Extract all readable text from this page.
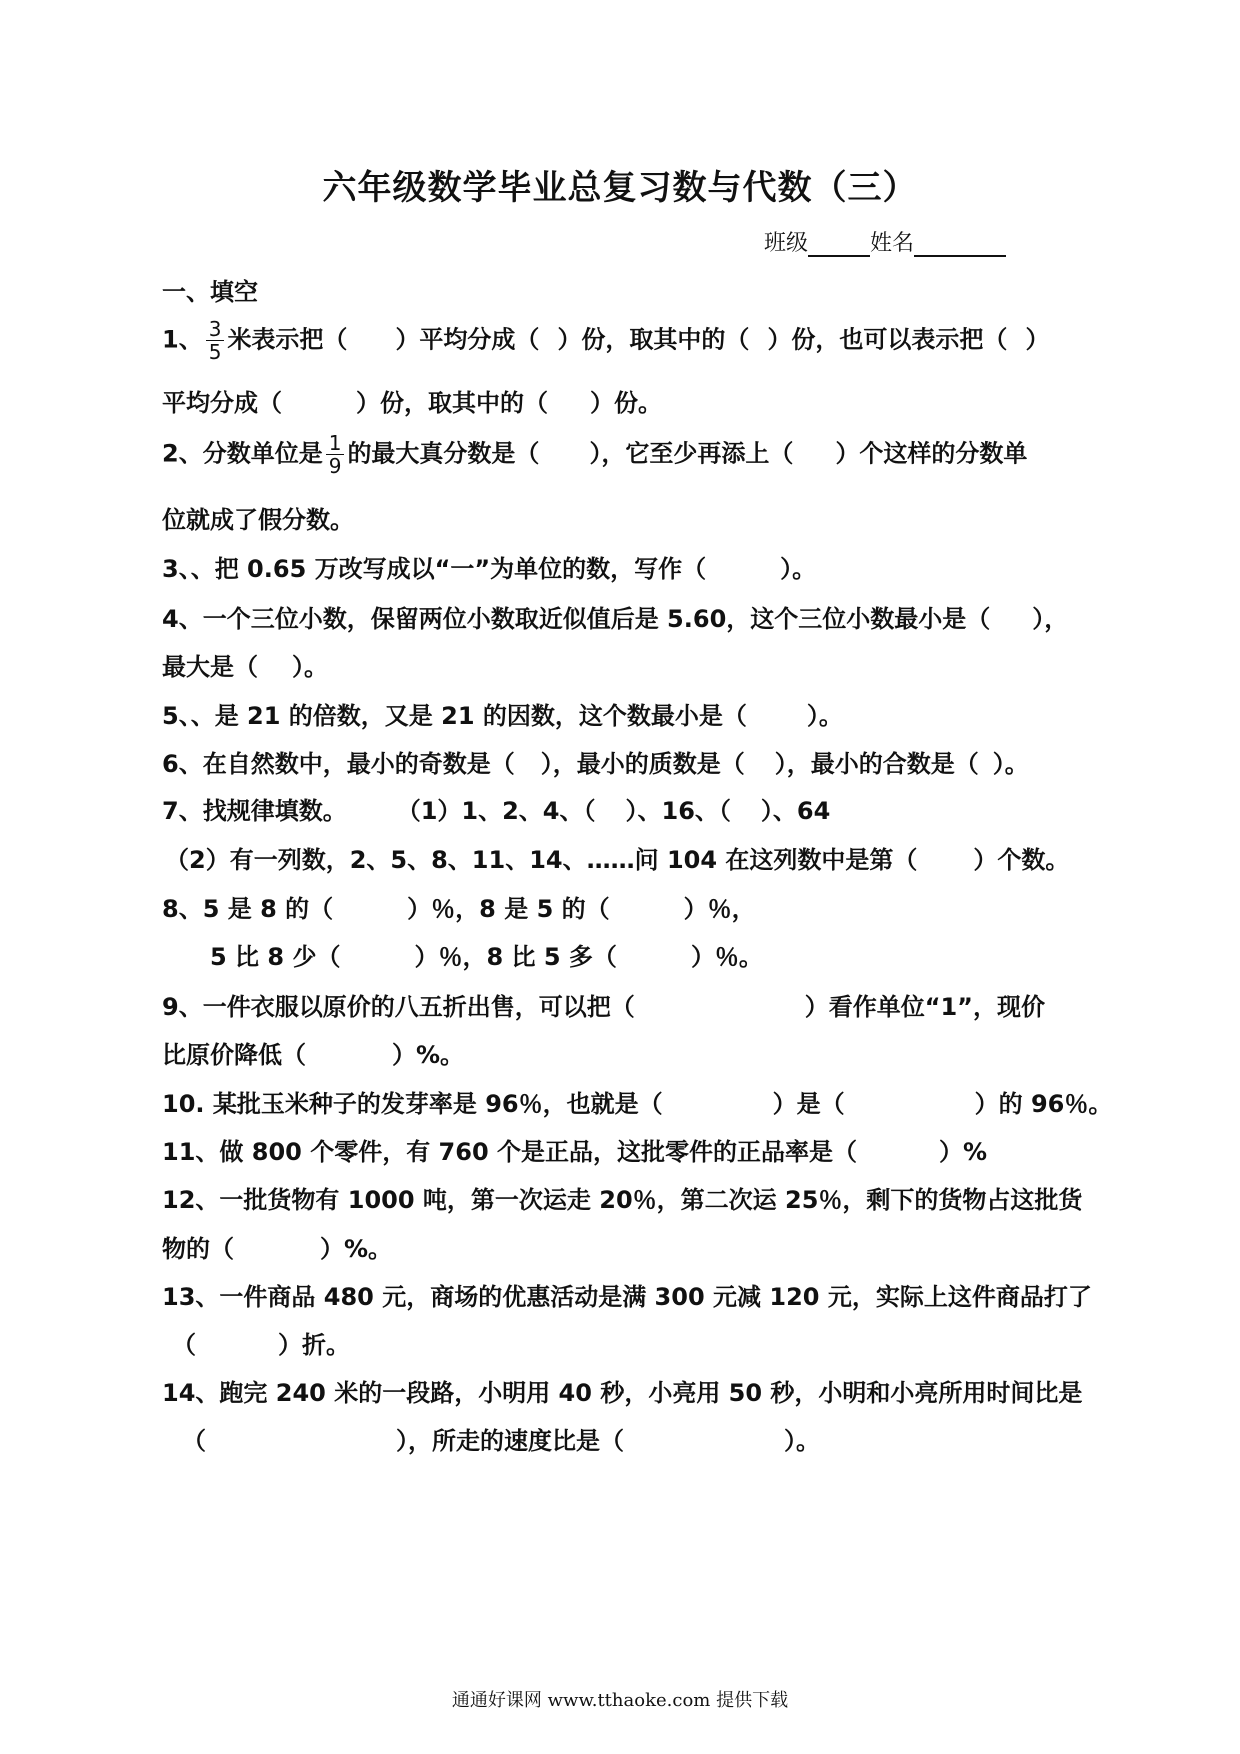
六年级数学毕业总复习数与代数（三）
班级	姓名
一、填空
1、 $\frac{3}{5}$ 米表示把（ ）平均分成（ ）份，取其中的（ ）份，也可以表示把（ ）
平均分成（	）份，取其中的（ ）份。
2、分数单位是 $\frac{1}{9}$ 的最大真分数是（ ），它至少再添上（ ）个这样的分数单
位就成了假分数。
3、、把 0.65 万改写成以“一”为单位的数，写作（	）。
4、一个三位小数，保留两位小数取近似值后是 5.60，这个三位小数最小是（ ），
最大是（ ）。
5、、是 21 的倍数，又是 21 的因数，这个数最小是（	）。
6、在自然数中，最小的奇数是（ ），最小的质数是（ ），最小的合数是（ ）。
7、找规律填数。 （1）1、2、4、（ ）、16、（ ）、64
（2）有一列数，2、5、8、11、14、……问 104 在这列数中是第（ ）个数。
8、5 是 8 的（	）％，8 是 5 的（	）％，
5 比 8 少（	）％，8 比 5 多（	）％。
9、一件衣服以原价的八五折出售，可以把（	）看作单位“1”，现价
比原价降低（	）%。
10. 某批玉米种子的发芽率是 96％，也就是（	）是（	）的 96％。
11、做 800 个零件，有 760 个是正品，这批零件的正品率是（	）%
12、一批货物有 1000 吨，第一次运走 20％，第二次运 25％，剩下的货物占这批货
物的（	）%。
13、一件商品 480 元，商场的优惠活动是满 300 元减 120 元，实际上这件商品打了
（	）折。
14、跑完 240 米的一段路，小明用 40 秒，小亮用 50 秒，小明和小亮所用时间比是
（	），所走的速度比是（	）。
通通好课网 www.tthaoke.com 提供下载
